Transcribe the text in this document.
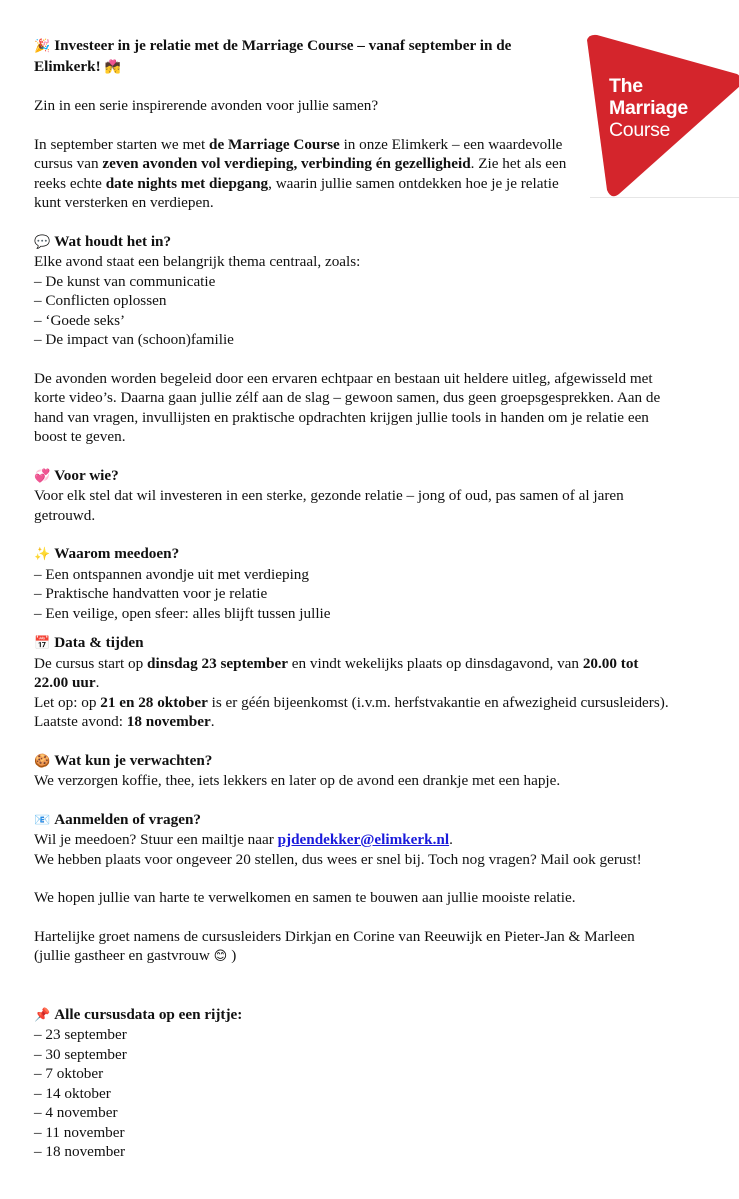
The
Marriage
Course

🎉 Investeer in je relatie met de Marriage Course – vanaf september in de Elimkerk! 💏

Zin in een serie inspirerende avonden voor jullie samen?

In september starten we met de Marriage Course in onze Elimkerk – een waardevolle cursus van zeven avonden vol verdieping, verbinding én gezelligheid. Zie het als een reeks echte date nights met diepgang, waarin jullie samen ontdekken hoe je je relatie kunt versterken en verdiepen.

💬 Wat houdt het in?

Elke avond staat een belangrijk thema centraal, zoals:

– De kunst van communicatie

– Conflicten oplossen

– ‘Goede seks’

– De impact van (schoon)familie

De avonden worden begeleid door een ervaren echtpaar en bestaan uit heldere uitleg, afgewisseld met korte video’s. Daarna gaan jullie zélf aan de slag – gewoon samen, dus geen groepsgesprekken. Aan de hand van vragen, invullijsten en praktische opdrachten krijgen jullie tools in handen om je relatie een boost te geven.

💞 Voor wie?

Voor elk stel dat wil investeren in een sterke, gezonde relatie – jong of oud, pas samen of al jaren getrouwd.

✨ Waarom meedoen?

– Een ontspannen avondje uit met verdieping

– Praktische handvatten voor je relatie

– Een veilige, open sfeer: alles blijft tussen jullie

📅 Data & tijden

De cursus start op dinsdag 23 september en vindt wekelijks plaats op dinsdagavond, van 20.00 tot 22.00 uur.

Let op: op 21 en 28 oktober is er géén bijeenkomst (i.v.m. herfstvakantie en afwezigheid cursusleiders). Laatste avond: 18 november.

🍪 Wat kun je verwachten?

We verzorgen koffie, thee, iets lekkers en later op de avond een drankje met een hapje.

📧 Aanmelden of vragen?

Wil je meedoen? Stuur een mailtje naar pjdendekker@elimkerk.nl.

We hebben plaats voor ongeveer 20 stellen, dus wees er snel bij. Toch nog vragen? Mail ook gerust!

We hopen jullie van harte te verwelkomen en samen te bouwen aan jullie mooiste relatie.

Hartelijke groet namens de cursusleiders Dirkjan en Corine van Reeuwijk en Pieter-Jan & Marleen (jullie gastheer en gastvrouw 😊 )

📌 Alle cursusdata op een rijtje:

– 23 september

– 30 september

– 7 oktober

– 14 oktober

– 4 november

– 11 november

– 18 november
